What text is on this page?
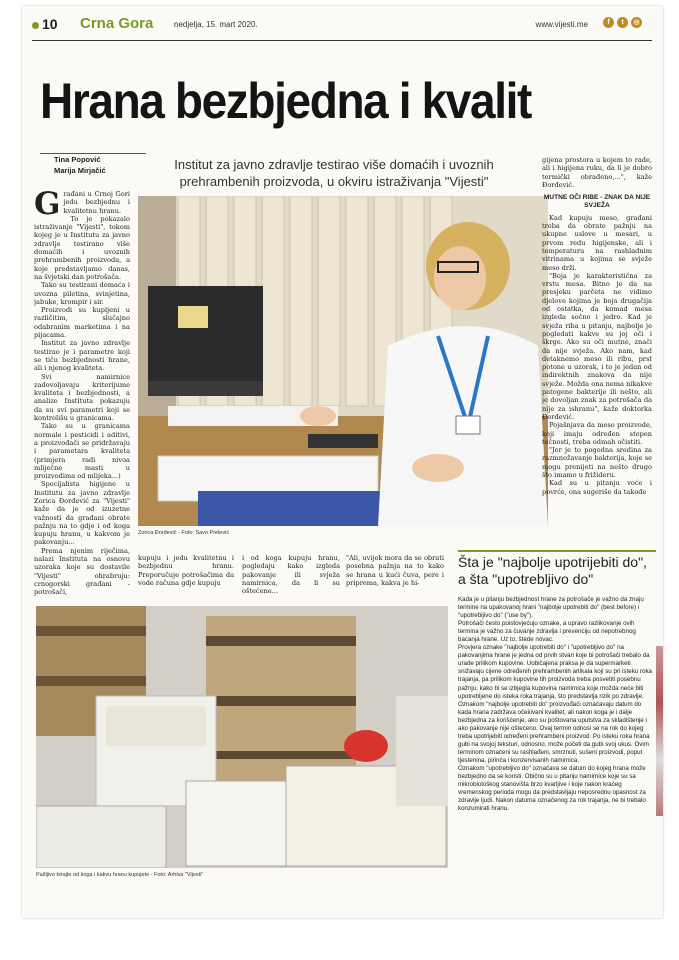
10 Crna Gora	nedjelja, 15. mart 2020.	www.vijesti.me	f	t	◎
Hrana bezbjedna i kvalit
Tina Popović
Marija Mirjačić	Institut za javno zdravlje testirao više domaćih i uvoznih prehrambenih proizvoda, u okviru istraživanja "Vijesti"

Građani u Crnoj Gori jedu bezbjednu i kvalitetnu hranu.

To je pokazalo istraživanje "Vijesti", tokom kojeg je u Institutu za javno zdravlje testirano više domaćih i uvoznih prehrambenih proizvoda, a koje predstavljamo danas, na švjetski dan potrošača.

Tako su testirani domaća i uvozna piletina, svinjetina, jabuke, krompir i sir.

Proizvodi su kupljeni u različitim, slučajno odabranim marketima i na pijacama.

Institut za javno zdravlje testirao je i parametre koji se tiču bezbjednosti hrane, ali i njenog kvaliteta.

Svi namirnice zadovoljavaju kriterijume kvaliteta i bezbjednosti, a analize Instituta pokazuju da su svi parametri koji se kontrolišu u granicama.

Tako su u granicama normale i pesticidi i aditivi, a proizvođači se pridržavaju i parametara kvaliteta (primjera radi nivoa mliječne masti u proizvodima od mlijeka...)

Specijalista higijene u Institutu za javno zdravlje Zorica Đorđević za "Vijesti" kaže da je od izuzetne važnosti da građani obrate pažnju na to gdje i od koga kupuju hranu, u kakvom je pakovanju...

Prema njenim riječima, nalazi Instituta na osnovu uzoraka koje su dostavile "Vijesti" ohrabruju: crnogorski građani - potrošači,

Zorica Đorđević - Foto: Savo Prelević

kupuju i jedu kvalitetnu i bezbjednu hranu. Preporučuje potrošačima da vode računa gdje kupuju

i od koga kupuju hranu, pogledaju kako izgleda pakovanje ili svježa namirnica, da li su oštećene...

"Ali, uvijek mora da se obrati posebna pažnja na to kako se hrana u kući čuva, pere i priprema, kakva je hi-

gijena prostora u kojem to rade, ali i higijena ruku, da li je dobro termički obrađeno,...", kaže Đorđević.

MUTNE OČI RIBE - ZNAK DA NIJE SVJEŽA

Kad kupuju meso, građani treba da obrate pažnju na ukupne uslove u mesari, u prvom redu higijenske, ali i temperaturu na rashladnim vitrinama u kojima se svježe meso drži.

"Boja je karakteristična za vrstu mesa. Bitno je da na presjeku parčeta ne vidimo djelove kojima je boja drugačija od ostatka, da komad mesa izgleda sočno i jedro. Kad je svježa riba u pitanju, najbolje je pogledati kakve su joj oči i škrge. Ako su oči mutne, znači da nije svježa. Ako nam, kad detaknemo meso ili ribu, prst potone u uzorak, i to je jedan od indirektnih znakova da nije svježe. Možda ona nema nikakve patogene bakterije ili nešto, ali je dovoljan znak za potrošača da nije za ishranu", kaže doktorka Đorđević.

Pojašnjava da meso proizvode, koji imaju određen stepen tečnosti, treba odmah očistiti.

"Jer je to pogodna sredina za razmnožavanje bakterija, koje se mogu prenijeti na nešto drugo što imamo u frižideru.

Kad su u pitanju voće i povrće, ona sugeriše da takođe

Pažljivo birajte od koga i kakvu hranu kupujete - Foto: Arhiva "Vijesti"
Šta je "najbolje upotrijebiti do", a šta "upotrebljivo do"

Kada je u pitanju bezbjednost hrane za potrošače je važno da znaju termine na upakovanoj hrani "najbolje upotrebiti do" (best before) i "upotrebljivo do" ("use by").

Potrošači često poistovjećuju oznake, a upravo razlikovanje ovih termina je važno za čuvanje zdravlja i prevenciju od nepotrebnog bacanja hrane. Uz to, štede novac.

Provjera oznake "najbolje upotrebiti do" i "upotrebljivo do" na pakovanjima hrane je jedna od prvih stvari koje bi potrošači trebalo da urade prilikom kupovine. Uobičajena praksa je da supermarketi snižavaju cijene određenih prehrambenih artikala koji su pri isteku roka trajanja, pa prilikom kupovine tih proizvoda treba posvetiti posebnu pažnju, kako bi se izbjegla kupovina namirnica koje možda neće biti upotrebljene do isteka roka trajanja, što predstavlja rizik po zdravlje.

Oznakom "najbolje upotrebiti do" proizvođači označavaju datum do kada hrana zadržava očekivani kvalitet, ali nakon koga je i dalje bezbjedna za korišćenje, ako su poštovana uputstva za skladištenje i ako pakovanje nije oštećeno. Ovaj termin odnosi se na rok do kojeg treba upotrijebiti određeni prehrambeni proizvod. Po isteku roka hrana gubi na svojoj teksturi, odnosno, može početi da gubi svoj ukus. Ovim terminom označeni su rashlađeni, smrznuti, sušeni proizvodi, poput tjestenina, pirinča i konzervisanih namirnica.

Oznakom "upotrebljivo do" označava se datum do kojeg hrana može bezbjedno da se koristi. Obično su u pitanju namirnice koje su sa mikrobiološkog stanovišta brzo kvarljive i koje nakon kraćeg vremenskog perioda mogu da predstavljaju neposrednu opasnost za zdravlje ljudi. Nakon datuma označenog za rok trajanja, ne bi trebalo konzumirati hranu.
